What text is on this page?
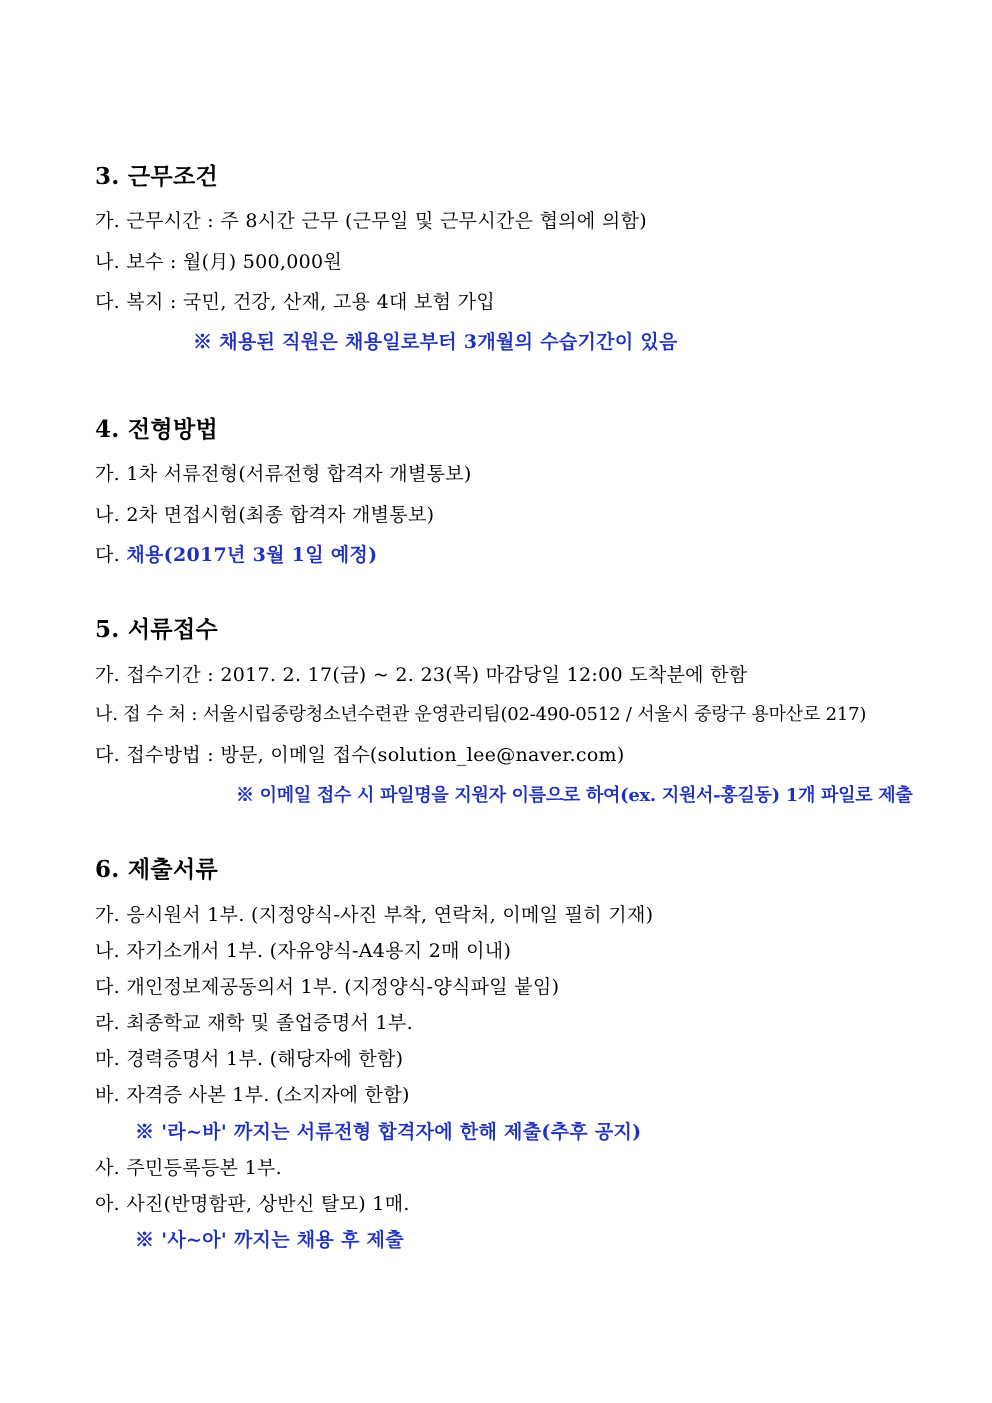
3. 근무조건
가. 근무시간 : 주 8시간 근무 (근무일 및 근무시간은 협의에 의함)
나. 보수 : 월(月) 500,000원
다. 복지 : 국민, 건강, 산재, 고용 4대 보험 가입
※ 채용된 직원은 채용일로부터 3개월의 수습기간이 있음
4. 전형방법
가. 1차 서류전형(서류전형 합격자 개별통보)
나. 2차 면접시험(최종 합격자 개별통보)
다. 채용(2017년 3월 1일 예정)
5. 서류접수
가. 접수기간 : 2017. 2. 17(금) ~ 2. 23(목) 마감당일 12:00 도착분에 한함
나. 접 수 처 : 서울시립중랑청소년수련관 운영관리팀(02-490-0512 / 서울시 중랑구 용마산로 217)
다. 접수방법 : 방문, 이메일 접수(solution_lee@naver.com)
※ 이메일 접수 시 파일명을 지원자 이름으로 하여(ex. 지원서-홍길동) 1개 파일로 제출
6. 제출서류
가. 응시원서 1부. (지정양식-사진 부착, 연락처, 이메일 필히 기재)
나. 자기소개서 1부. (자유양식-A4용지 2매 이내)
다. 개인정보제공동의서 1부. (지정양식-양식파일 붙임)
라. 최종학교 재학 및 졸업증명서 1부.
마. 경력증명서 1부. (해당자에 한함)
바. 자격증 사본 1부. (소지자에 한함)
※ '라~바' 까지는 서류전형 합격자에 한해 제출(추후 공지)
사. 주민등록등본 1부.
아. 사진(반명함판, 상반신 탈모) 1매.
※ '사~아' 까지는 채용 후 제출
